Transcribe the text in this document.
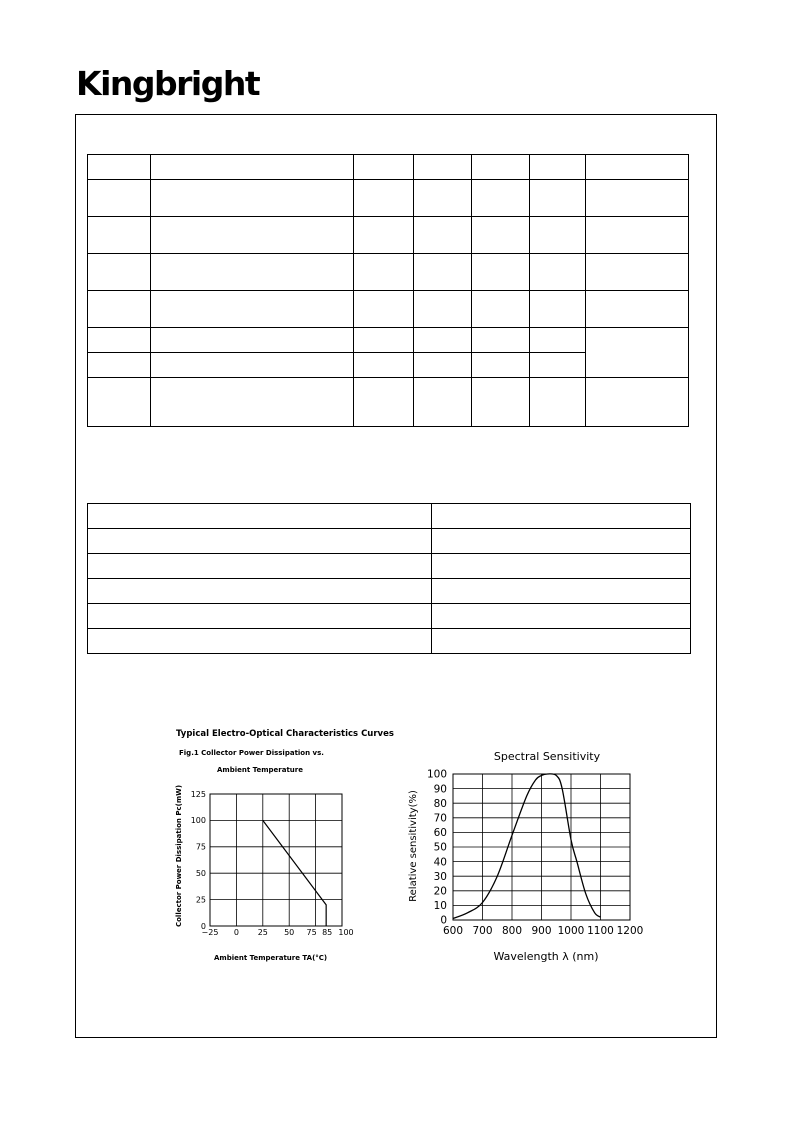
Kingbright

Typical Electro-Optical Characteristics Curves
Fig.1 Collector Power Dissipation vs.
Ambient Temperature
Collector Power Dissipation Pc(mW)
Ambient Temperature TA(°C)
−25 0 25 50 75 85 100
0
25
50
75
100
125
Spectral Sensitivity
Relative sensitivity(%)
Wavelength λ (nm)
600 700 800 900 1000 1100 1200
0
10
20
30
40
50
60
70
80
90
100
